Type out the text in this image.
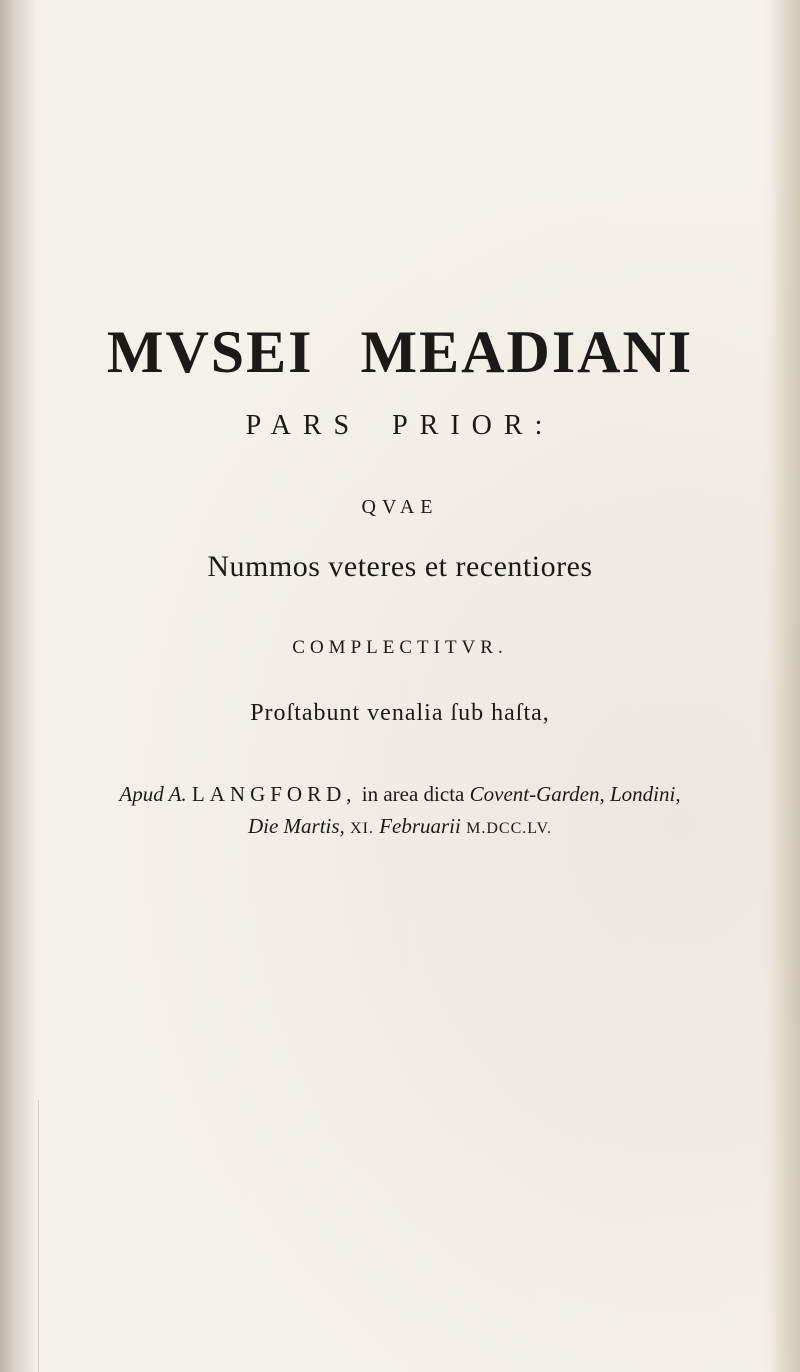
MVSEI MEADIANI
PARS PRIOR:
QVAE
Nummos veteres et recentiores
COMPLECTITVR.
Proſtabunt venalia ſub haſta,
Apud A. LANGFORD, in area dicta Covent-Garden, Londini,
Die Martis, XI. Februarii M.DCC.LV.
